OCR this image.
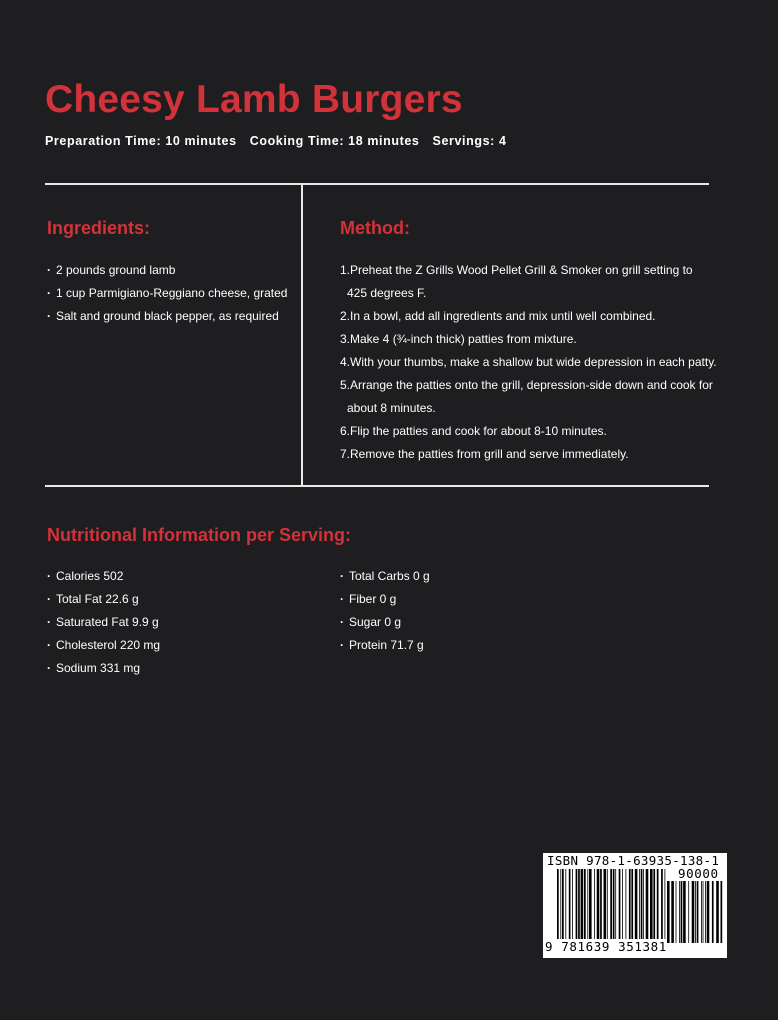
Cheesy Lamb Burgers
Preparation Time: 10 minutes Cooking Time: 18 minutes Servings: 4
Ingredients:
· 2 pounds ground lamb
· 1 cup Parmigiano-Reggiano cheese, grated
· Salt and ground black pepper, as required
Method:
1.Preheat the Z Grills Wood Pellet Grill & Smoker on grill setting to
425 degrees F.
2.In a bowl, add all ingredients and mix until well combined.
3.Make 4 (¾-inch thick) patties from mixture.
4.With your thumbs, make a shallow but wide depression in each patty.
5.Arrange the patties onto the grill, depression-side down and cook for
about 8 minutes.
6.Flip the patties and cook for about 8-10 minutes.
7.Remove the patties from grill and serve immediately.
Nutritional Information per Serving:
· Calories 502
· Total Fat 22.6 g
· Saturated Fat 9.9 g
· Cholesterol 220 mg
· Sodium 331 mg
· Total Carbs 0 g
· Fiber 0 g
· Sugar 0 g
· Protein 71.7 g
ISBN 978-1-63935-138-1
90000
9 781639 351381
